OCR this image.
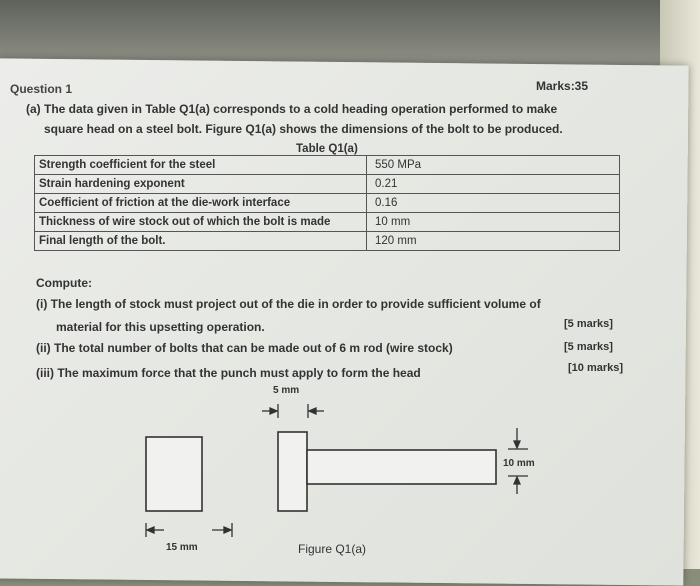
Question 1	Marks:35
(a) The data given in Table Q1(a) corresponds to a cold heading operation performed to make
square head on a steel bolt. Figure Q1(a) shows the dimensions of the bolt to be produced.
Table Q1(a)
Strength coefficient for the steel	550 MPa
Strain hardening exponent	0.21
Coefficient of friction at the die-work interface	0.16
Thickness of wire stock out of which the bolt is made	10 mm
Final length of the bolt.	120 mm
Compute:
(i) The length of stock must project out of the die in order to provide sufficient volume of
material for this upsetting operation.	[5 marks]
(ii) The total number of bolts that can be made out of 6 m rod (wire stock)	[5 marks]
(iii) The maximum force that the punch must apply to form the head	[10 marks]
5 mm
15 mm
10 mm
Figure Q1(a)
